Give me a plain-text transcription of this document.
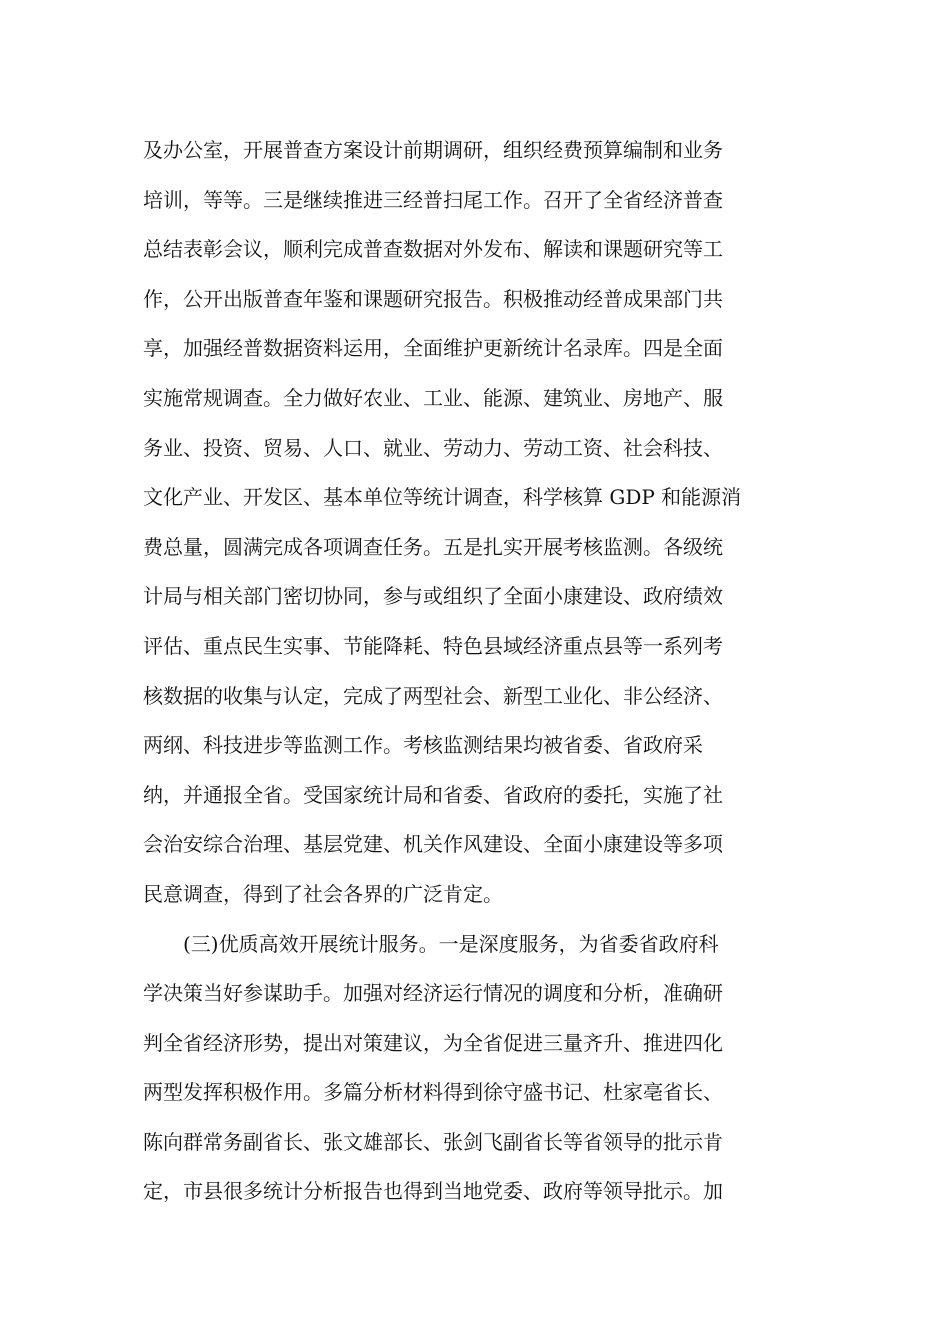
及办公室，开展普查方案设计前期调研，组织经费预算编制和业务
培训，等等。三是继续推进三经普扫尾工作。召开了全省经济普查
总结表彰会议，顺利完成普查数据对外发布、解读和课题研究等工
作，公开出版普查年鉴和课题研究报告。积极推动经普成果部门共
享，加强经普数据资料运用，全面维护更新统计名录库。四是全面
实施常规调查。全力做好农业、工业、能源、建筑业、房地产、服
务业、投资、贸易、人口、就业、劳动力、劳动工资、社会科技、
文化产业、开发区、基本单位等统计调查，科学核算 GDP 和能源消
费总量，圆满完成各项调查任务。五是扎实开展考核监测。各级统
计局与相关部门密切协同，参与或组织了全面小康建设、政府绩效
评估、重点民生实事、节能降耗、特色县域经济重点县等一系列考
核数据的收集与认定，完成了两型社会、新型工业化、非公经济、
两纲、科技进步等监测工作。考核监测结果均被省委、省政府采
纳，并通报全省。受国家统计局和省委、省政府的委托，实施了社
会治安综合治理、基层党建、机关作风建设、全面小康建设等多项
民意调查，得到了社会各界的广泛肯定。
(三)优质高效开展统计服务。一是深度服务，为省委省政府科
学决策当好参谋助手。加强对经济运行情况的调度和分析，准确研
判全省经济形势，提出对策建议，为全省促进三量齐升、推进四化
两型发挥积极作用。多篇分析材料得到徐守盛书记、杜家亳省长、
陈向群常务副省长、张文雄部长、张剑飞副省长等省领导的批示肯
定，市县很多统计分析报告也得到当地党委、政府等领导批示。加
